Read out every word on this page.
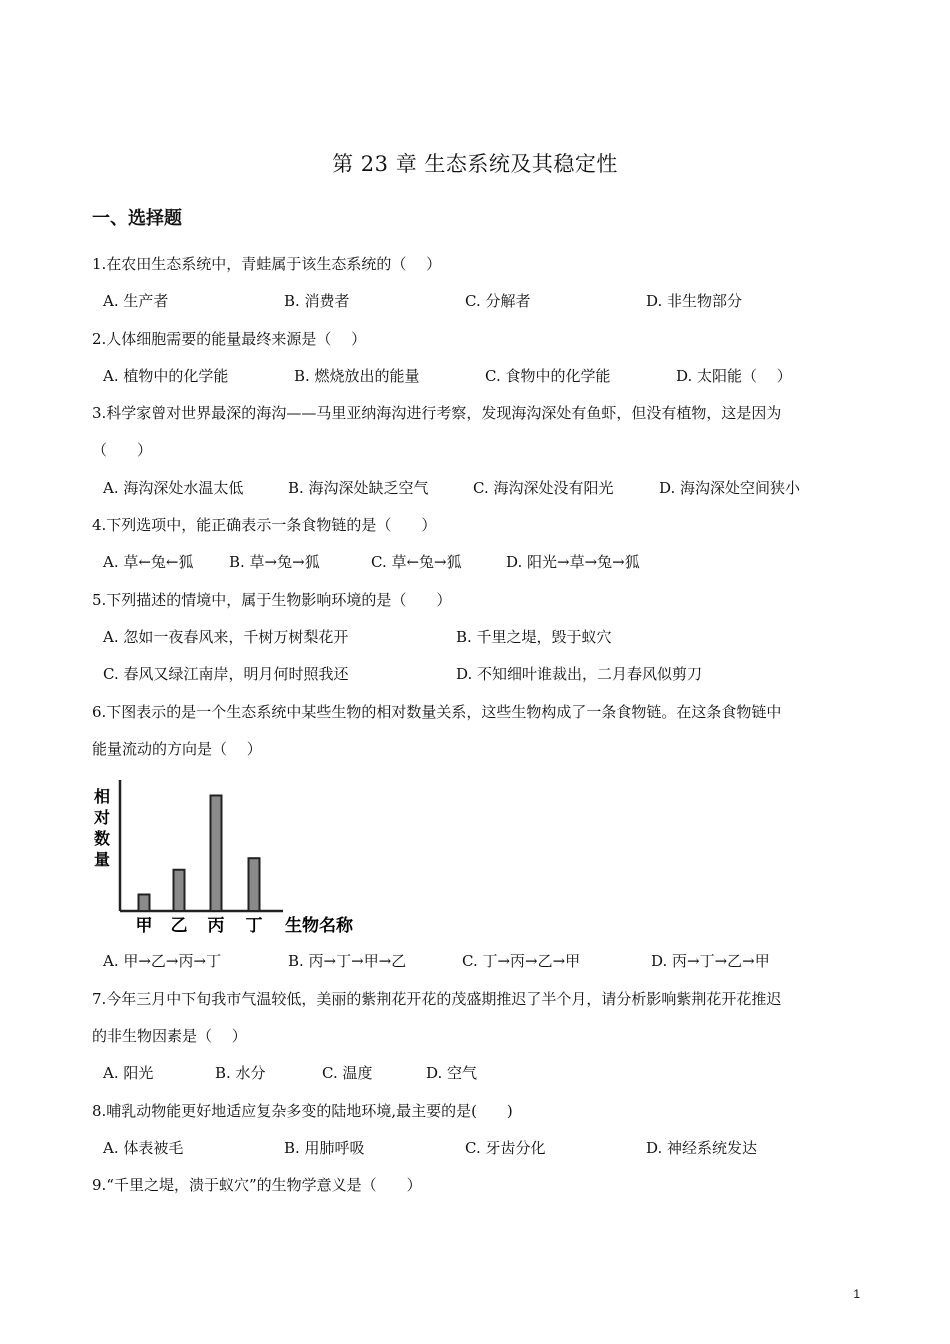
第 23 章 生态系统及其稳定性
一、选择题
1.在农田生态系统中，青蛙属于该生态系统的（　 ）
A. 生产者	B. 消费者	C. 分解者	D. 非生物部分
2.人体细胞需要的能量最终来源是（　 ）
A. 植物中的化学能	B. 燃烧放出的能量	C. 食物中的化学能	D. 太阳能（　 ）
3.科学家曾对世界最深的海沟——马里亚纳海沟进行考察，发现海沟深处有鱼虾，但没有植物，这是因为
（　　）
A. 海沟深处水温太低	B. 海沟深处缺乏空气	C. 海沟深处没有阳光	D. 海沟深处空间狭小
4.下列选项中，能正确表示一条食物链的是（　　）
A. 草←兔←狐 B. 草→兔→狐	C. 草←兔→狐	D. 阳光→草→兔→狐
5.下列描述的情境中，属于生物影响环境的是（　　）
A. 忽如一夜春风来，千树万树梨花开	B. 千里之堤，毁于蚁穴
C. 春风又绿江南岸，明月何时照我还	D. 不知细叶谁裁出，二月春风似剪刀
6.下图表示的是一个生态系统中某些生物的相对数量关系，这些生物构成了一条食物链。在这条食物链中
能量流动的方向是（　 ）
相
对
数
量
甲 乙 丙 丁 生物名称
A. 甲→乙→丙→丁	B. 丙→丁→甲→乙	C. 丁→丙→乙→甲	D. 丙→丁→乙→甲
7.今年三月中下旬我市气温较低，美丽的紫荆花开花的茂盛期推迟了半个月，请分析影响紫荆花开花推迟
的非生物因素是（　 ）
A. 阳光	B. 水分	C. 温度	D. 空气
8.哺乳动物能更好地适应复杂多变的陆地环境,最主要的是(　　)
A. 体表被毛	B. 用肺呼吸	C. 牙齿分化	D. 神经系统发达
9.“千里之堤，溃于蚁穴”的生物学意义是（　　）
1
